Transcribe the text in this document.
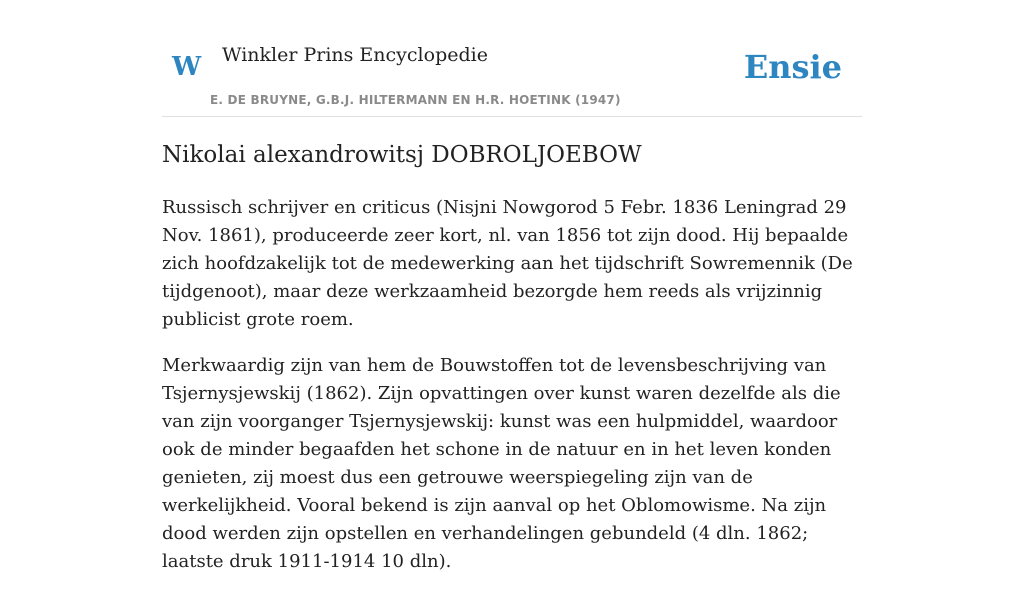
W Winkler Prins Encyclopedie
E. DE BRUYNE, G.B.J. HILTERMANN EN H.R. HOETINK (1947)
Ensie
Nikolai alexandrowitsj DOBROLJOEBOW

Russisch schrijver en criticus (Nisjni Nowgorod 5 Febr. 1836 Leningrad 29 Nov. 1861), produceerde zeer kort, nl. van 1856 tot zijn dood. Hij bepaalde zich hoofdzakelijk tot de medewerking aan het tijdschrift Sowremennik (De tijdgenoot), maar deze werkzaamheid bezorgde hem reeds als vrijzinnig publicist grote roem.

Merkwaardig zijn van hem de Bouwstoffen tot de levensbeschrijving van Tsjernysjewskij (1862). Zijn opvattingen over kunst waren dezelfde als die van zijn voorganger Tsjernysjewskij: kunst was een hulpmiddel, waardoor ook de minder begaafden het schone in de natuur en in het leven konden genieten, zij moest dus een getrouwe weerspiegeling zijn van de werkelijkheid. Vooral bekend is zijn aanval op het Oblomowisme. Na zijn dood werden zijn opstellen en verhandelingen gebundeld (4 dln. 1862; laatste druk 1911-1914 10 dln).
